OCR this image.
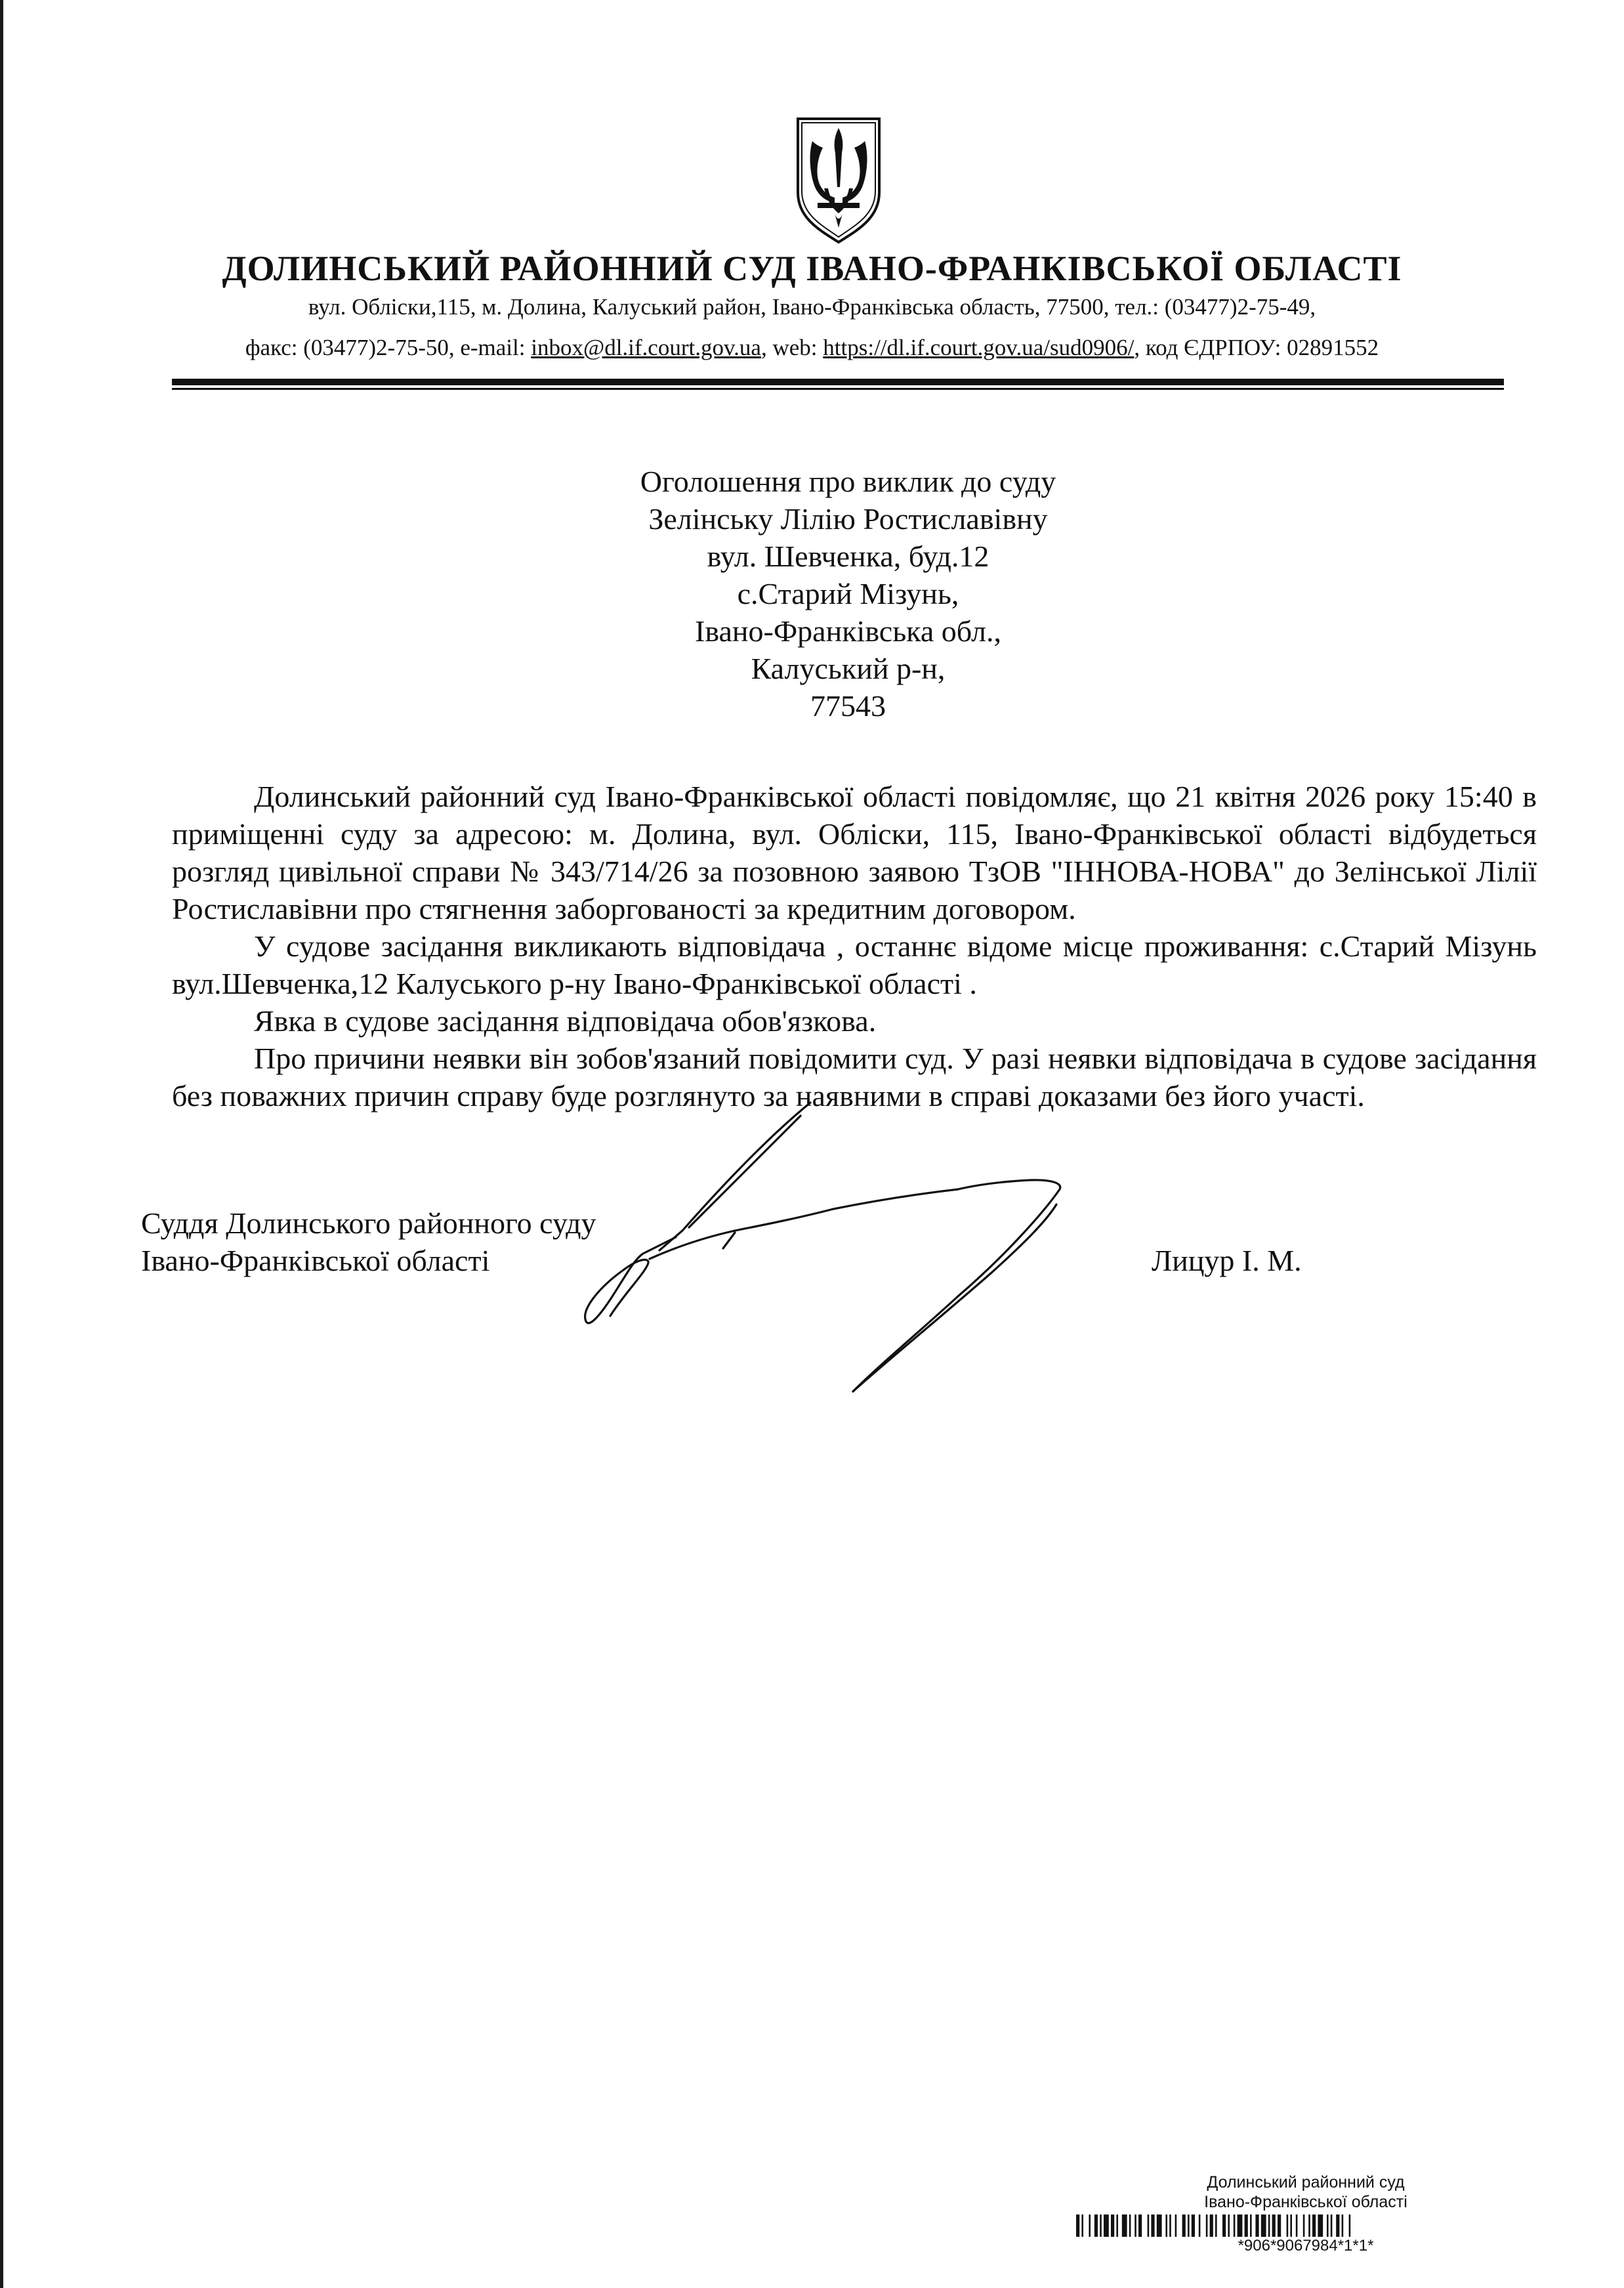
ДОЛИНСЬКИЙ РАЙОННИЙ СУД ІВАНО-ФРАНКІВСЬКОЇ ОБЛАСТІ
вул. Обліски,115, м. Долина, Калуський район, Івано-Франківська область, 77500, тел.: (03477)2-75-49,
факс: (03477)2-75-50, e-mail: inbox@dl.if.court.gov.ua, web: https://dl.if.court.gov.ua/sud0906/, код ЄДРПОУ: 02891552
Оголошення про виклик до суду
Зелінську Лілію Ростиславівну
вул. Шевченка, буд.12
с.Старий Мізунь,
Івано-Франківська обл.,
Калуський р-н,
77543

Долинський районний суд Івано-Франківської області повідомляє, що 21 квітня 2026 року 15:40 в приміщенні суду за адресою: м. Долина, вул. Обліски, 115, Івано-Франківської області відбудеться розгляд цивільної справи № 343/714/26 за позовною заявою ТзОВ "ІННОВА-НОВА" до Зелінської Лілії Ростиславівни про стягнення заборгованості за кредитним договором.

У судове засідання викликають відповідача , останнє відоме місце проживання: с.Старий Мізунь вул.Шевченка,12 Калуського р-ну Івано-Франківської області .

Явка в судове засідання відповідача обов'язкова.

Про причини неявки він зобов'язаний повідомити суд. У разі неявки відповідача в судове засідання без поважних причин справу буде розглянуто за наявними в справі доказами без його участі.

Суддя Долинського районного суду
Івано-Франківської області	Лицур І. М.
Долинський районний суд
Івано-Франківської області
*906*9067984*1*1*
